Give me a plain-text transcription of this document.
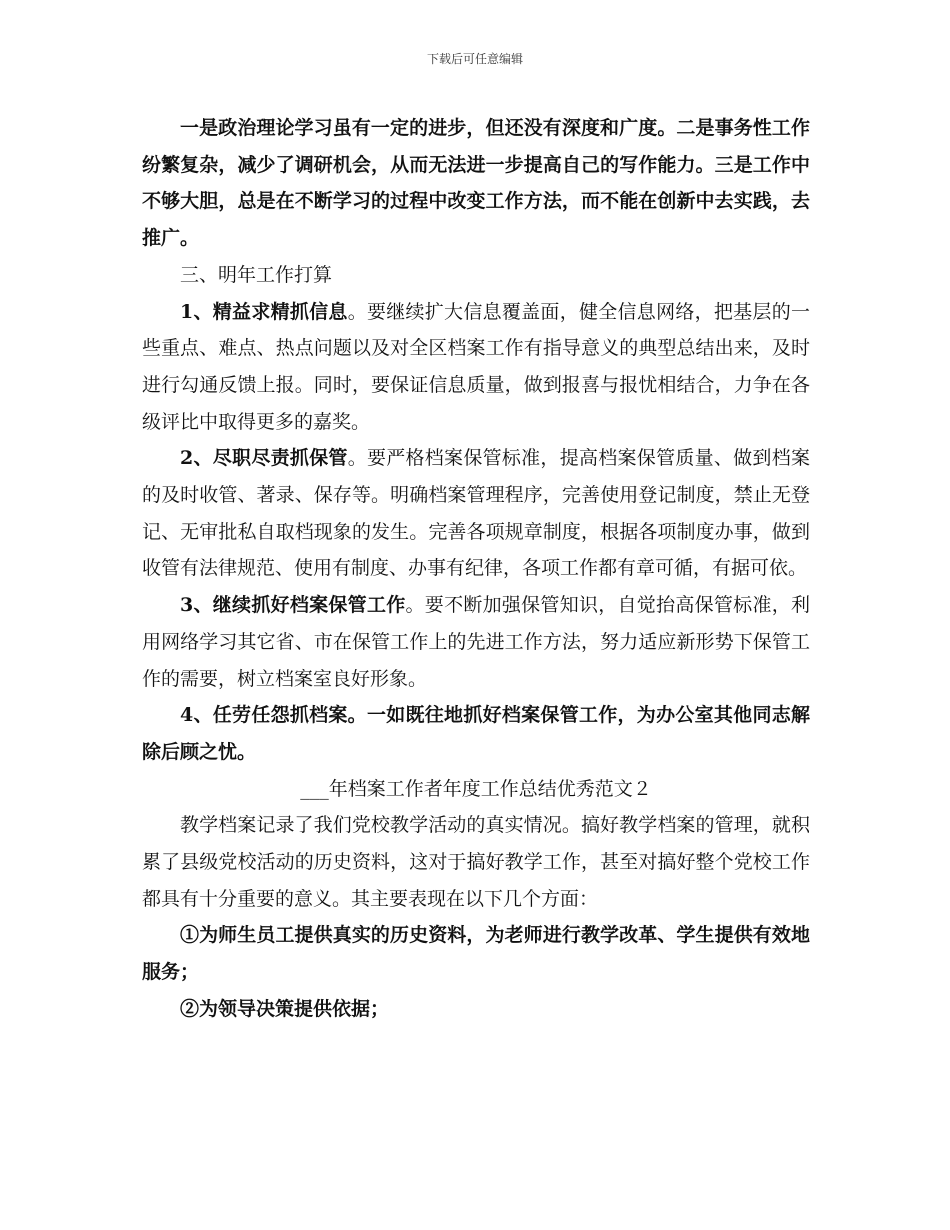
下载后可任意编辑

一是政治理论学习虽有一定的进步，但还没有深度和广度。二是事务性工作纷繁复杂，减少了调研机会，从而无法进一步提高自己的写作能力。三是工作中不够大胆，总是在不断学习的过程中改变工作方法，而不能在创新中去实践，去推广。

三、明年工作打算

1、精益求精抓信息。要继续扩大信息覆盖面，健全信息网络，把基层的一些重点、难点、热点问题以及对全区档案工作有指导意义的典型总结出来，及时进行勾通反馈上报。同时，要保证信息质量，做到报喜与报忧相结合，力争在各级评比中取得更多的嘉奖。

2、尽职尽责抓保管。要严格档案保管标准，提高档案保管质量、做到档案的及时收管、著录、保存等。明确档案管理程序，完善使用登记制度，禁止无登记、无审批私自取档现象的发生。完善各项规章制度，根据各项制度办事，做到收管有法律规范、使用有制度、办事有纪律，各项工作都有章可循，有据可依。

3、继续抓好档案保管工作。要不断加强保管知识，自觉抬高保管标准，利用网络学习其它省、市在保管工作上的先进工作方法，努力适应新形势下保管工作的需要，树立档案室良好形象。

4、任劳任怨抓档案。一如既往地抓好档案保管工作，为办公室其他同志解除后顾之忧。

___年档案工作者年度工作总结优秀范文２

教学档案记录了我们党校教学活动的真实情况。搞好教学档案的管理，就积累了县级党校活动的历史资料，这对于搞好教学工作，甚至对搞好整个党校工作都具有十分重要的意义。其主要表现在以下几个方面：

①为师生员工提供真实的历史资料，为老师进行教学改革、学生提供有效地服务；

②为领导决策提供依据；
